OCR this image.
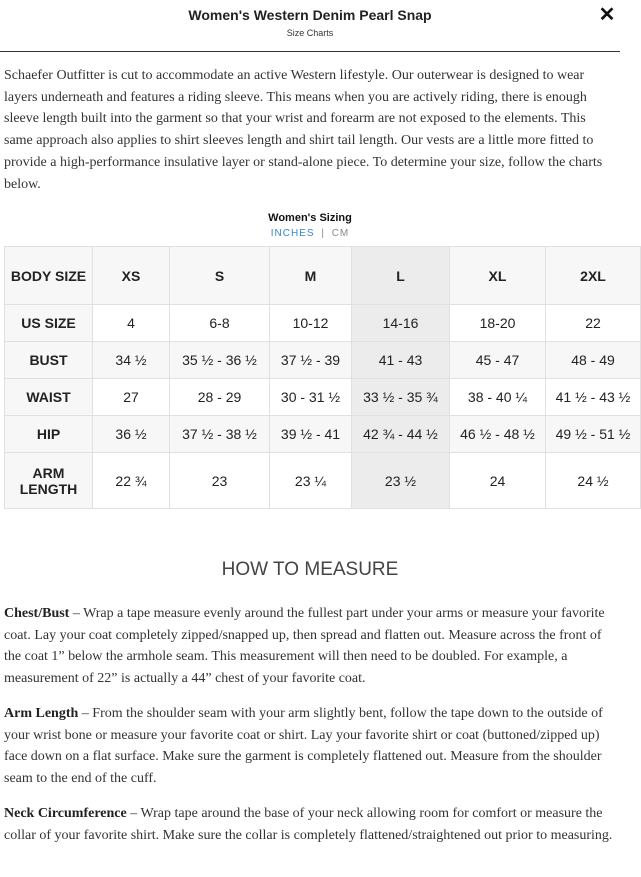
Women's Western Denim Pearl Snap
Size Charts
✕

Schaefer Outfitter is cut to accommodate an active Western lifestyle. Our outerwear is designed to wear layers underneath and features a riding sleeve. This means when you are actively riding, there is enough sleeve length built into the garment so that your wrist and forearm are not exposed to the elements. This same approach also applies to shirt sleeves length and shirt tail length. Our vests are a little more fitted to provide a high-performance insulative layer or stand-alone piece. To determine your size, follow the charts below.

Women's Sizing
INCHES | CM
BODY SIZE	XS	S	M	L	XL	2XL
US SIZE	4	6-8	10-12	14-16	18-20	22
BUST	34 ½	35 ½ - 36 ½	37 ½ - 39	41 - 43	45 - 47	48 - 49
WAIST	27	28 - 29	30 - 31 ½	33 ½ - 35 ¾	38 - 40 ¼	41 ½ - 43 ½
HIP	36 ½	37 ½ - 38 ½	39 ½ - 41	42 ¾ - 44 ½	46 ½ - 48 ½	49 ½ - 51 ½
ARM LENGTH	22 ¾	23	23 ¼	23 ½	24	24 ½
HOW TO MEASURE

Chest/Bust – Wrap a tape measure evenly around the fullest part under your arms or measure your favorite coat. Lay your coat completely zipped/snapped up, then spread and flatten out. Measure across the front of the coat 1” below the armhole seam. This measurement will then need to be doubled. For example, a measurement of 22” is actually a 44” chest of your favorite coat.

Arm Length – From the shoulder seam with your arm slightly bent, follow the tape down to the outside of your wrist bone or measure your favorite coat or shirt. Lay your favorite shirt or coat (buttoned/zipped up) face down on a flat surface. Make sure the garment is completely flattened out. Measure from the shoulder seam to the end of the cuff.

Neck Circumference – Wrap tape around the base of your neck allowing room for comfort or measure the collar of your favorite shirt. Make sure the collar is completely flattened/straightened out prior to measuring.
